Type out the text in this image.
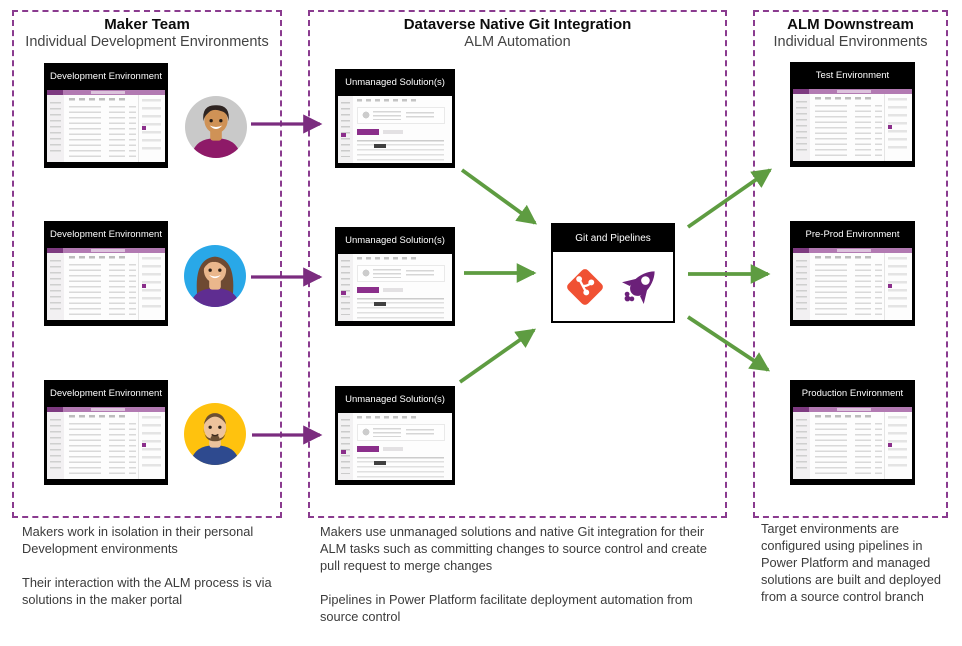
Maker Team
Individual Development Environments
Dataverse Native Git Integration
ALM Automation
ALM Downstream
Individual Environments
Development Environment
Development Environment
Development Environment
Unmanaged Solution(s)
Unmanaged Solution(s)
Unmanaged Solution(s)
Git and Pipelines
Test Environment
Pre-Prod Environment
Production Environment

Makers work in isolation in their personal Development environments

Their interaction with the ALM process is via solutions in the maker portal

Makers use unmanaged solutions and native Git integration for their ALM tasks such as committing changes to source control and create pull request to merge changes

Pipelines in Power Platform facilitate deployment automation from source control

Target environments are configured using pipelines in Power Platform and managed solutions are built and deployed from a source control branch
